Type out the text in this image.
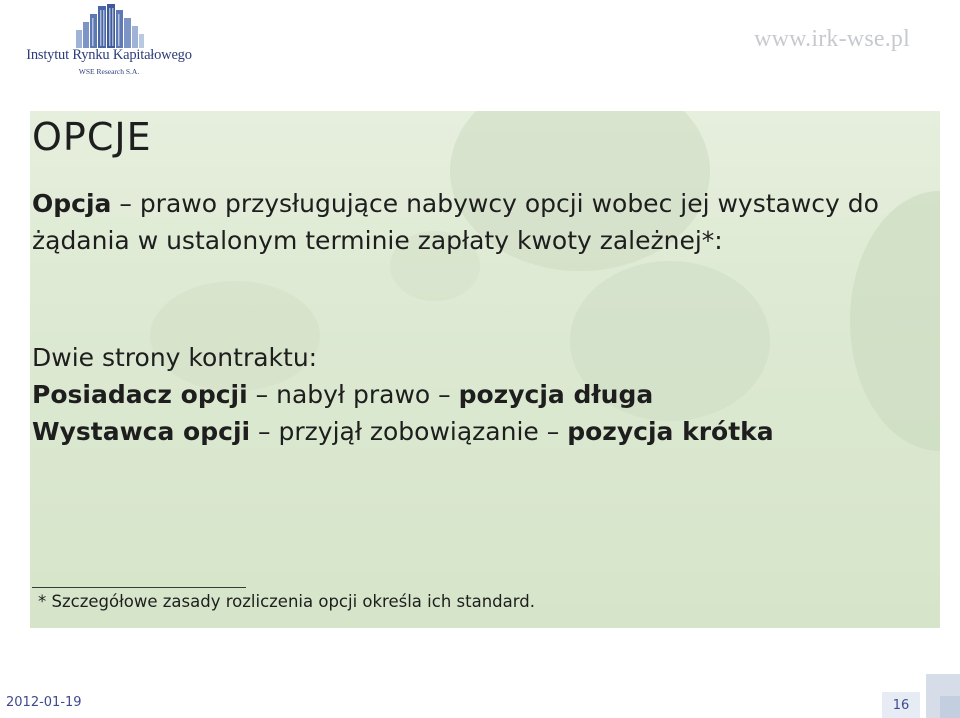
Instytut Rynku Kapitałowego
WSE Research S.A.
www.irk-wse.pl
OPCJE

Opcja – prawo przysługujące nabywcy opcji wobec jej wystawcy do żądania w ustalonym terminie zapłaty kwoty zależnej*:

Dwie strony kontraktu:
Posiadacz opcji – nabył prawo – pozycja długa
Wystawca opcji – przyjął zobowiązanie – pozycja krótka

* Szczegółowe zasady rozliczenia opcji określa ich standard.

2012-01-19	16
